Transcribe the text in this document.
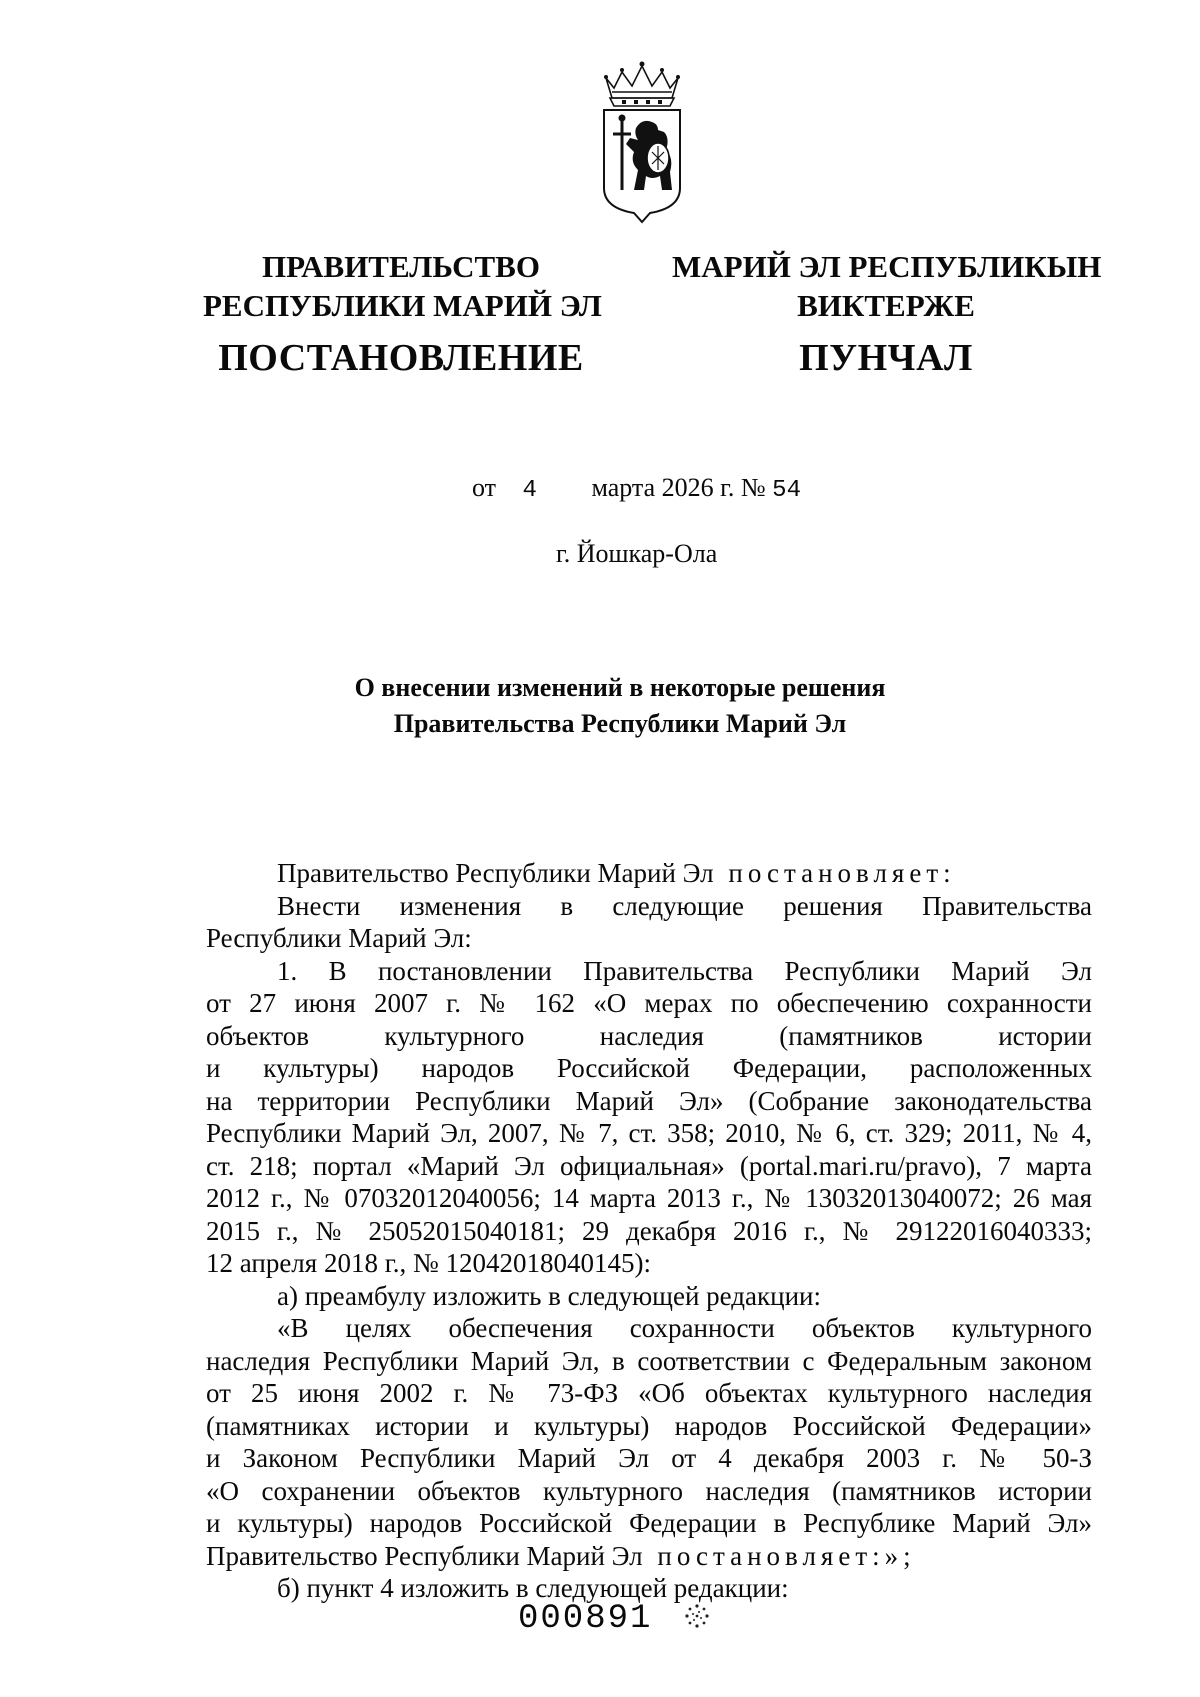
ПРАВИТЕЛЬСТВО
РЕСПУБЛИКИ МАРИЙ ЭЛ
ПОСТАНОВЛЕНИЕ
МАРИЙ ЭЛ РЕСПУБЛИКЫН
ВИКТЕРЖЕ
ПУНЧАЛ
от 4 марта 2026 г. № 54
г. Йошкар-Ола
О внесении изменений в некоторые решения
Правительства Республики Марий Эл
Правительство Республики Марий Эл постановляет:
Внести изменения в следующие решения Правительства
Республики Марий Эл:
1. В постановлении Правительства Республики Марий Эл
от 27 июня 2007 г. № 162 «О мерах по обеспечению сохранности
объектов культурного наследия (памятников истории
и культуры) народов Российской Федерации, расположенных
на территории Республики Марий Эл» (Собрание законодательства
Республики Марий Эл, 2007, № 7, ст. 358; 2010, № 6, ст. 329; 2011, № 4,
ст. 218; портал «Марий Эл официальная» (portal.mari.ru/pravo), 7 марта
2012 г., № 07032012040056; 14 марта 2013 г., № 13032013040072; 26 мая
2015 г., № 25052015040181; 29 декабря 2016 г., № 29122016040333;
12 апреля 2018 г., № 12042018040145):
а) преамбулу изложить в следующей редакции:
«В целях обеспечения сохранности объектов культурного
наследия Республики Марий Эл, в соответствии с Федеральным законом
от 25 июня 2002 г. № 73-ФЗ «Об объектах культурного наследия
(памятниках истории и культуры) народов Российской Федерации»
и Законом Республики Марий Эл от 4 декабря 2003 г. № 50-З
«О сохранении объектов культурного наследия (памятников истории
и культуры) народов Российской Федерации в Республике Марий Эл»
Правительство Республики Марий Эл постановляет:»;
б) пункт 4 изложить в следующей редакции:
000891
